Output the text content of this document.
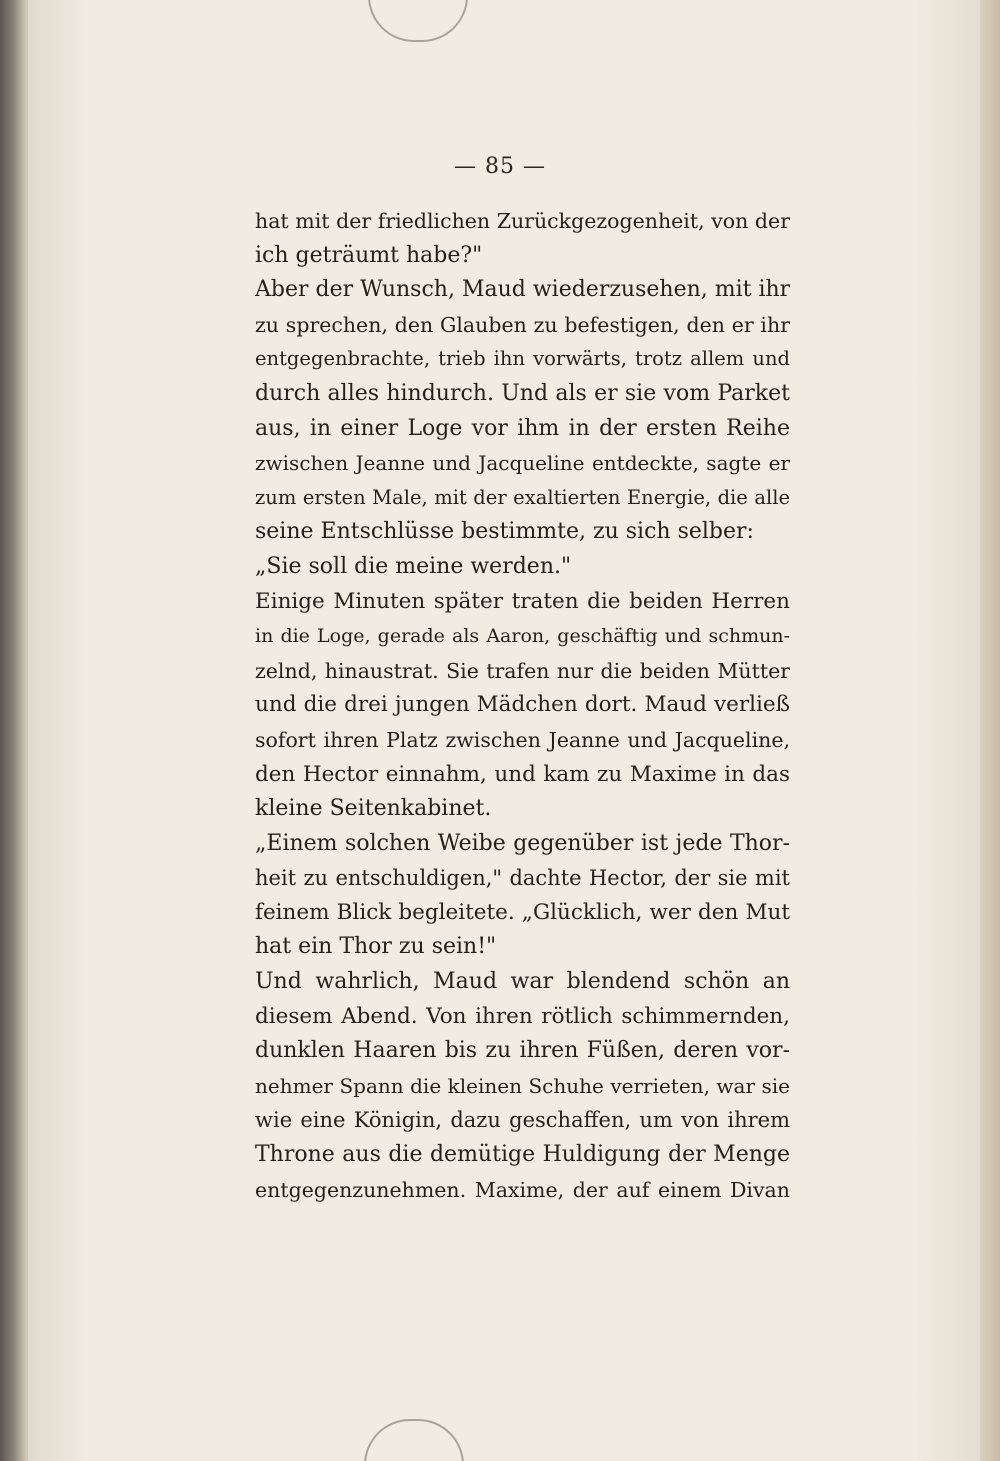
— 85 —
hat mit der friedlichen Zurückgezogenheit, von der
ich geträumt habe?"
Aber der Wunsch, Maud wiederzusehen, mit ihr
zu sprechen, den Glauben zu befestigen, den er ihr
entgegenbrachte, trieb ihn vorwärts, trotz allem und
durch alles hindurch. Und als er sie vom Parket
aus, in einer Loge vor ihm in der ersten Reihe
zwischen Jeanne und Jacqueline entdeckte, sagte er
zum ersten Male, mit der exaltierten Energie, die alle
seine Entschlüsse bestimmte, zu sich selber:
„Sie soll die meine werden."
Einige Minuten später traten die beiden Herren
in die Loge, gerade als Aaron, geschäftig und schmun-
zelnd, hinaustrat. Sie trafen nur die beiden Mütter
und die drei jungen Mädchen dort. Maud verließ
sofort ihren Platz zwischen Jeanne und Jacqueline,
den Hector einnahm, und kam zu Maxime in das
kleine Seitenkabinet.
„Einem solchen Weibe gegenüber ist jede Thor-
heit zu entschuldigen," dachte Hector, der sie mit
feinem Blick begleitete. „Glücklich, wer den Mut
hat ein Thor zu sein!"
Und wahrlich, Maud war blendend schön an
diesem Abend. Von ihren rötlich schimmernden,
dunklen Haaren bis zu ihren Füßen, deren vor-
nehmer Spann die kleinen Schuhe verrieten, war sie
wie eine Königin, dazu geschaffen, um von ihrem
Throne aus die demütige Huldigung der Menge
entgegenzunehmen. Maxime, der auf einem Divan
